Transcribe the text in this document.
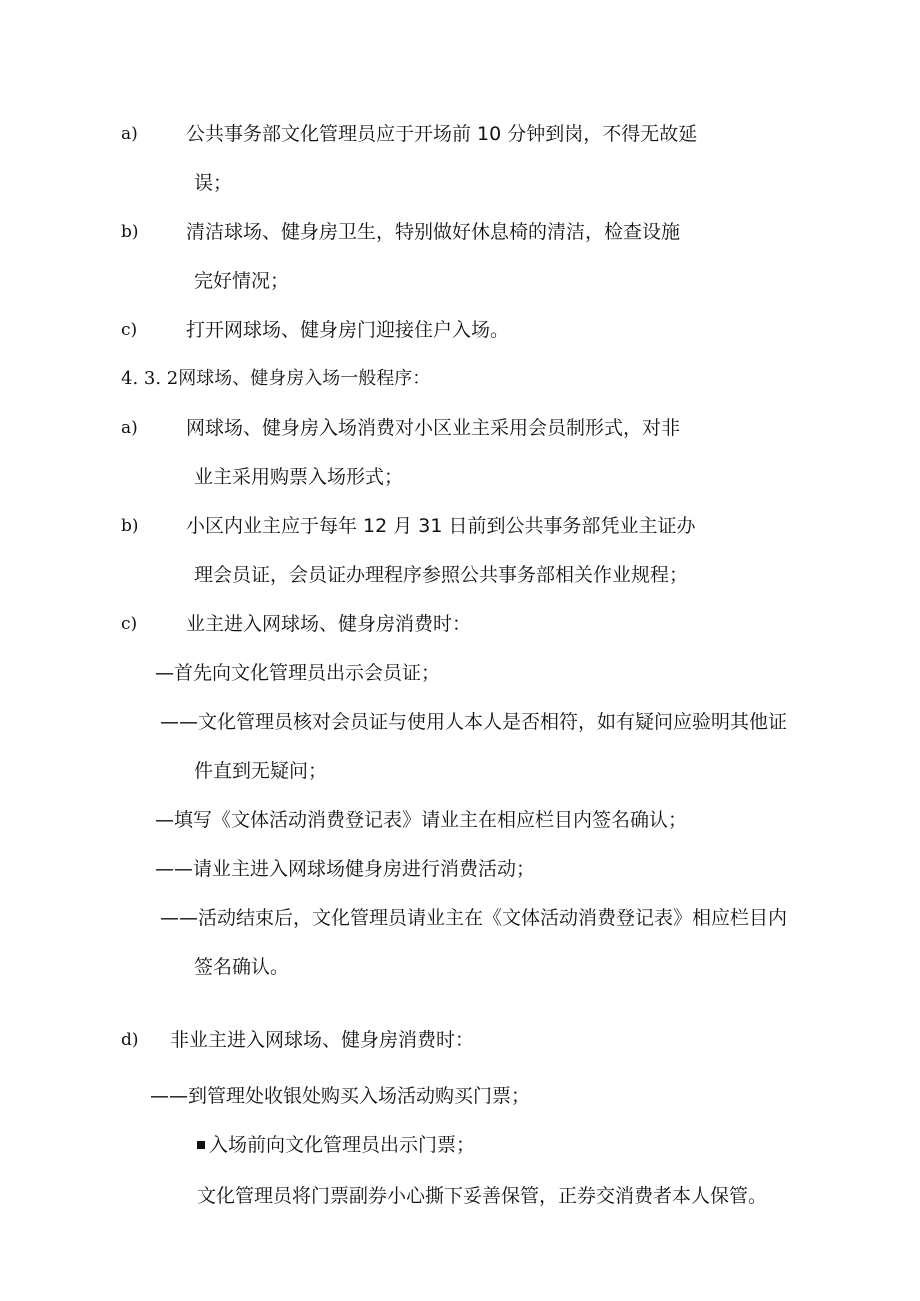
a)	公共事务部文化管理员应于开场前 10 分钟到岗，不得无故延
误；
b) 清洁球场、健身房卫生，特别做好休息椅的清洁，检查设施
完好情况；
c)	打开网球场、健身房门迎接住户入场。
4. 3. 2网球场、健身房入场一般程序：
a)	网球场、健身房入场消费对小区业主采用会员制形式，对非
业主采用购票入场形式；
b) 小区内业主应于每年 12 月 31 日前到公共事务部凭业主证办
理会员证，会员证办理程序参照公共事务部相关作业规程；
c)	业主进入网球场、健身房消费时：
—首先向文化管理员出示会员证；
——文化管理员核对会员证与使用人本人是否相符，如有疑问应验明其他证
件直到无疑问；
—填写《文体活动消费登记表》请业主在相应栏目内签名确认；
——请业主进入网球场健身房进行消费活动；
——活动结束后，文化管理员请业主在《文体活动消费登记表》相应栏目内
签名确认。
d) 非业主进入网球场、健身房消费时：
——到管理处收银处购买入场活动购买门票；
入场前向文化管理员出示门票；
文化管理员将门票副券小心撕下妥善保管，正券交消费者本人保管。
